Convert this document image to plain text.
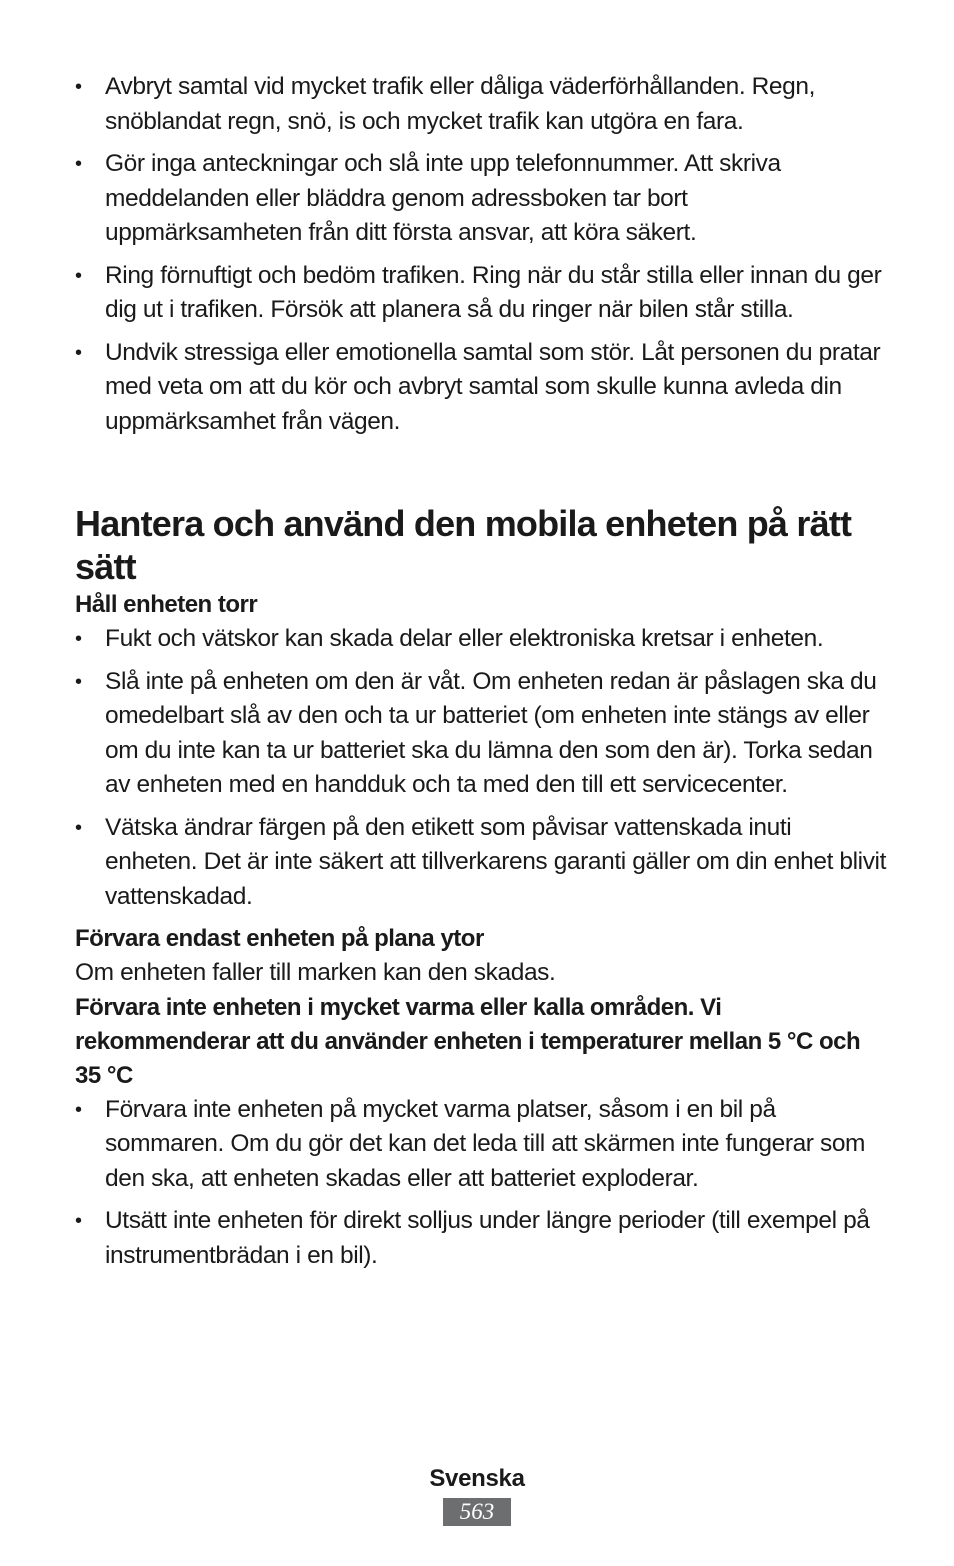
• Avbryt samtal vid mycket trafik eller dåliga väderförhållanden. Regn, snöblandat regn, snö, is och mycket trafik kan utgöra en fara.
• Gör inga anteckningar och slå inte upp telefonnummer. Att skriva meddelanden eller bläddra genom adressboken tar bort uppmärksamheten från ditt första ansvar, att köra säkert.
• Ring förnuftigt och bedöm trafiken. Ring när du står stilla eller innan du ger dig ut i trafiken. Försök att planera så du ringer när bilen står stilla.
• Undvik stressiga eller emotionella samtal som stör. Låt personen du pratar med veta om att du kör och avbryt samtal som skulle kunna avleda din uppmärksamhet från vägen.
Hantera och använd den mobila enheten på rätt sätt
Håll enheten torr
• Fukt och vätskor kan skada delar eller elektroniska kretsar i enheten.
• Slå inte på enheten om den är våt. Om enheten redan är påslagen ska du omedelbart slå av den och ta ur batteriet (om enheten inte stängs av eller om du inte kan ta ur batteriet ska du lämna den som den är). Torka sedan av enheten med en handduk och ta med den till ett servicecenter.
• Vätska ändrar färgen på den etikett som påvisar vattenskada inuti enheten. Det är inte säkert att tillverkarens garanti gäller om din enhet blivit vattenskadad.
Förvara endast enheten på plana ytor

Om enheten faller till marken kan den skadas.

Förvara inte enheten i mycket varma eller kalla områden. Vi rekommenderar att du använder enheten i temperaturer mellan 5 °C och 35 °C
• Förvara inte enheten på mycket varma platser, såsom i en bil på sommaren. Om du gör det kan det leda till att skärmen inte fungerar som den ska, att enheten skadas eller att batteriet exploderar.
• Utsätt inte enheten för direkt solljus under längre perioder (till exempel på instrumentbrädan i en bil).
Svenska
563
